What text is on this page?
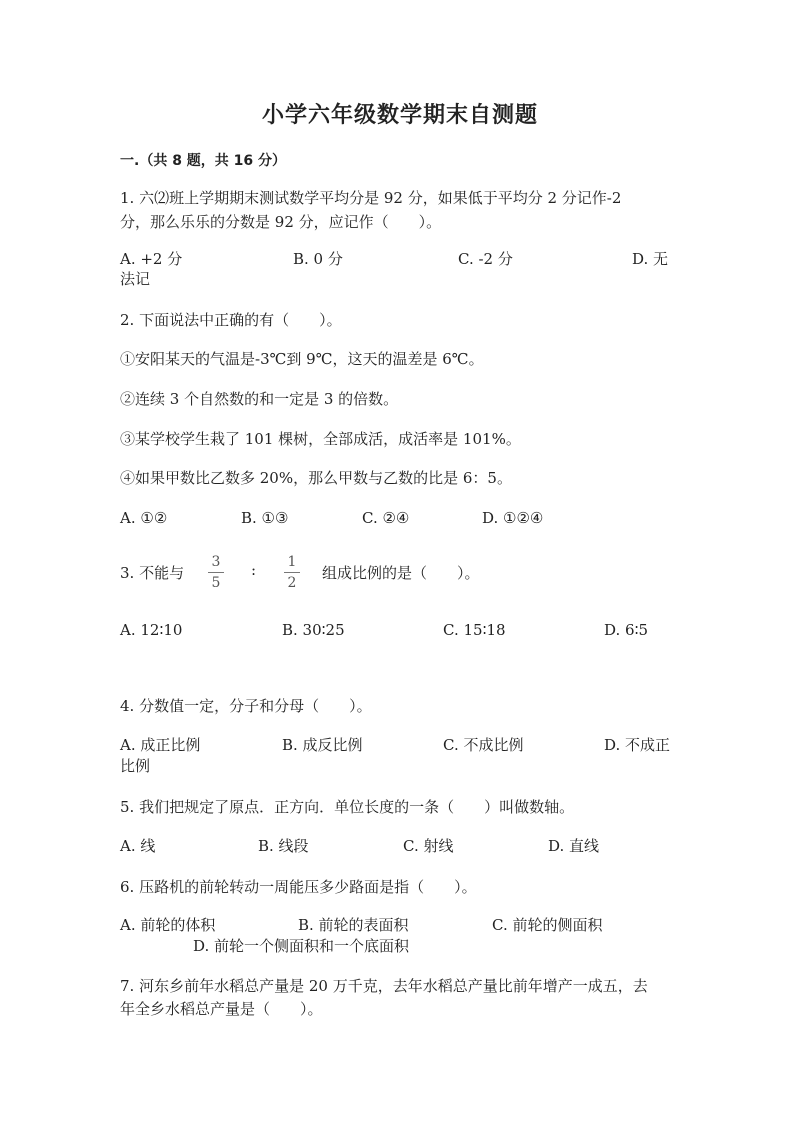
小学六年级数学期末自测题
一.（共 8 题，共 16 分）
1. 六⑵班上学期期末测试数学平均分是 92 分，如果低于平均分 2 分记作-2
分，那么乐乐的分数是 92 分，应记作（　　）。
A. +2 分	B. 0 分	C. -2 分	D. 无
法记
2. 下面说法中正确的有（　　）。
①安阳某天的气温是-3℃到 9℃，这天的温差是 6℃。
②连续 3 个自然数的和一定是 3 的倍数。
③某学校学生栽了 101 棵树，全部成活，成活率是 101%。
④如果甲数比乙数多 20%，那么甲数与乙数的比是 6：5。
A. ①②	B. ①③	C. ②④	D. ①②④
3. 不能与
3
5
:	1
2
组成比例的是（　　）。
A. 12∶10	B. 30∶25	C. 15∶18	D. 6∶5
4. 分数值一定，分子和分母（　　）。
A. 成正比例	B. 成反比例	C. 不成比例	D. 不成正
比例
5. 我们把规定了原点．正方向．单位长度的一条（　　）叫做数轴。
A. 线	B. 线段	C. 射线	D. 直线
6. 压路机的前轮转动一周能压多少路面是指（　　）。
A. 前轮的体积	B. 前轮的表面积	C. 前轮的侧面积
D. 前轮一个侧面积和一个底面积
7. 河东乡前年水稻总产量是 20 万千克，去年水稻总产量比前年增产一成五，去
年全乡水稻总产量是（　　）。
